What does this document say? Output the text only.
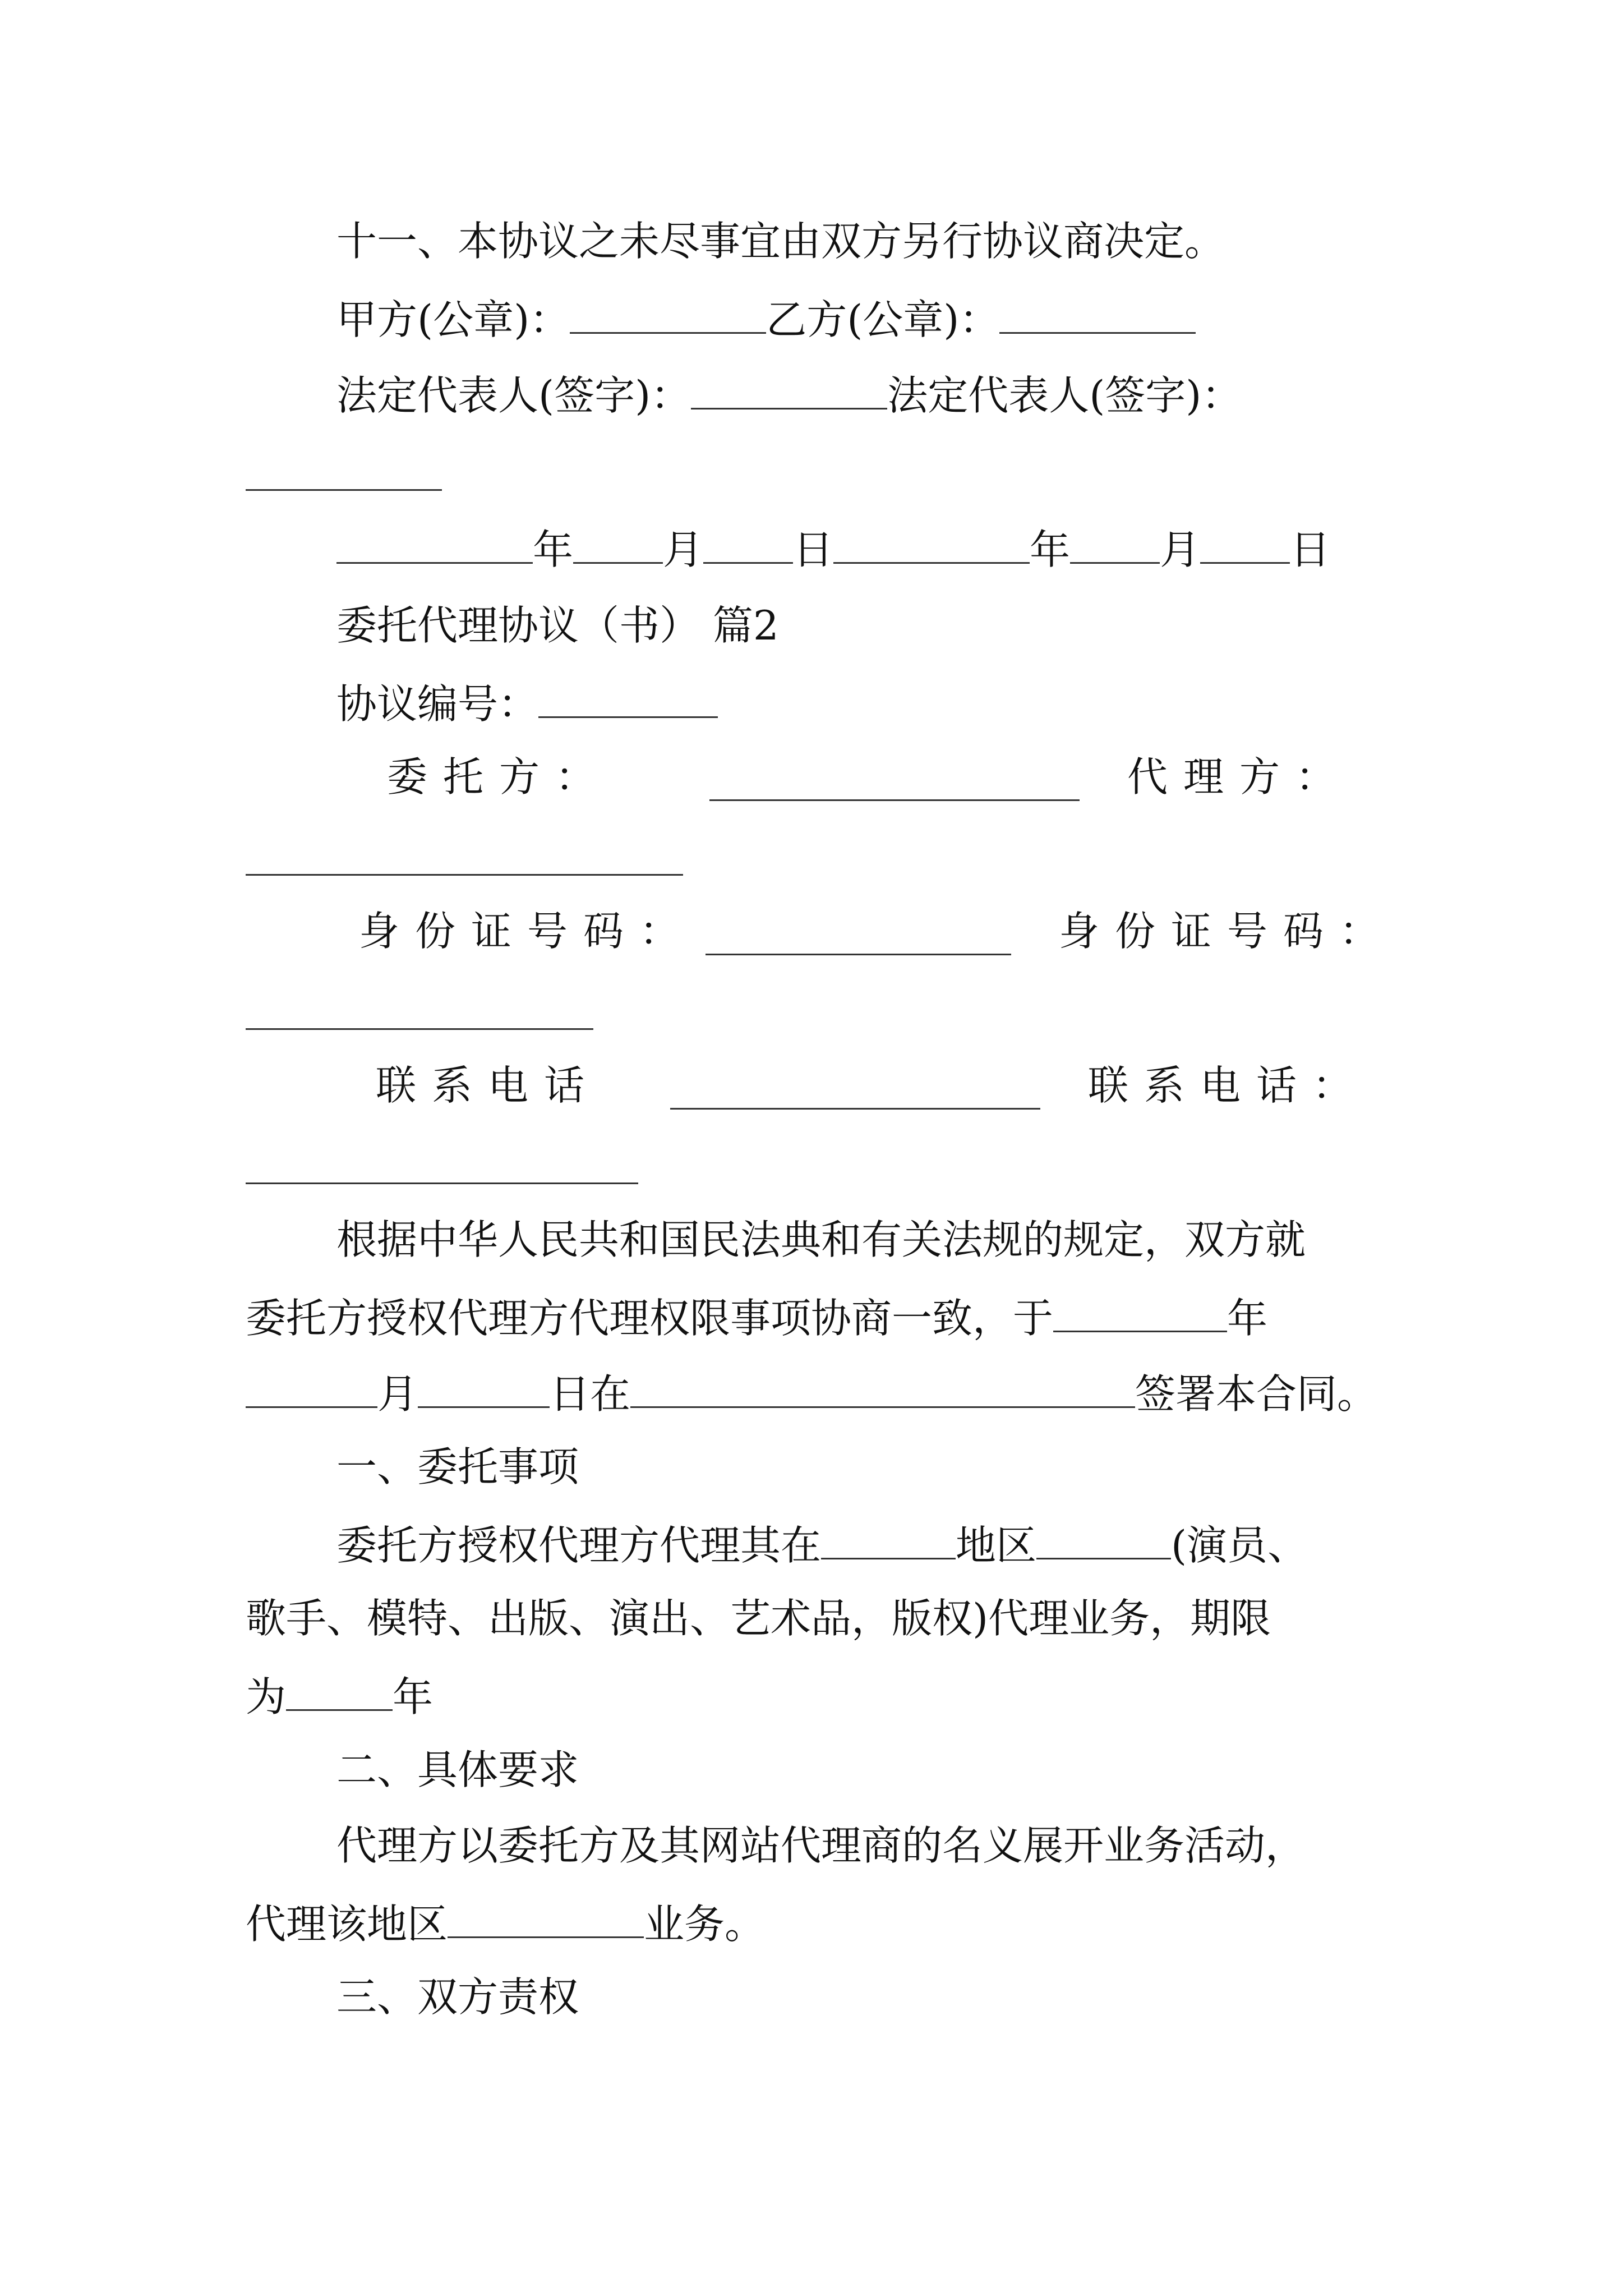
十一、本协议之未尽事宜由双方另行协议商决定。
甲方(公章)：	乙方(公章)：
法定代表人(签字)：	法定代表人(签字)：
年 月 日	年 月 日
委托代理协议（书） 篇2
协议编号：
委托方：	代理方：
身份证号码：	身份证号码：
联系电话	联系电话：
根据中华人民共和国民法典和有关法规的规定，双方就
委托方授权代理方代理权限事项协商一致，于	年
月	日在	签署本合同。
一、委托事项
委托方授权代理方代理其在	地区	(演员、
歌手、模特、出版、演出、艺术品，版权)代理业务，期限
为	年
二、具体要求
代理方以委托方及其网站代理商的名义展开业务活动，
代理该地区	业务。
三、双方责权
